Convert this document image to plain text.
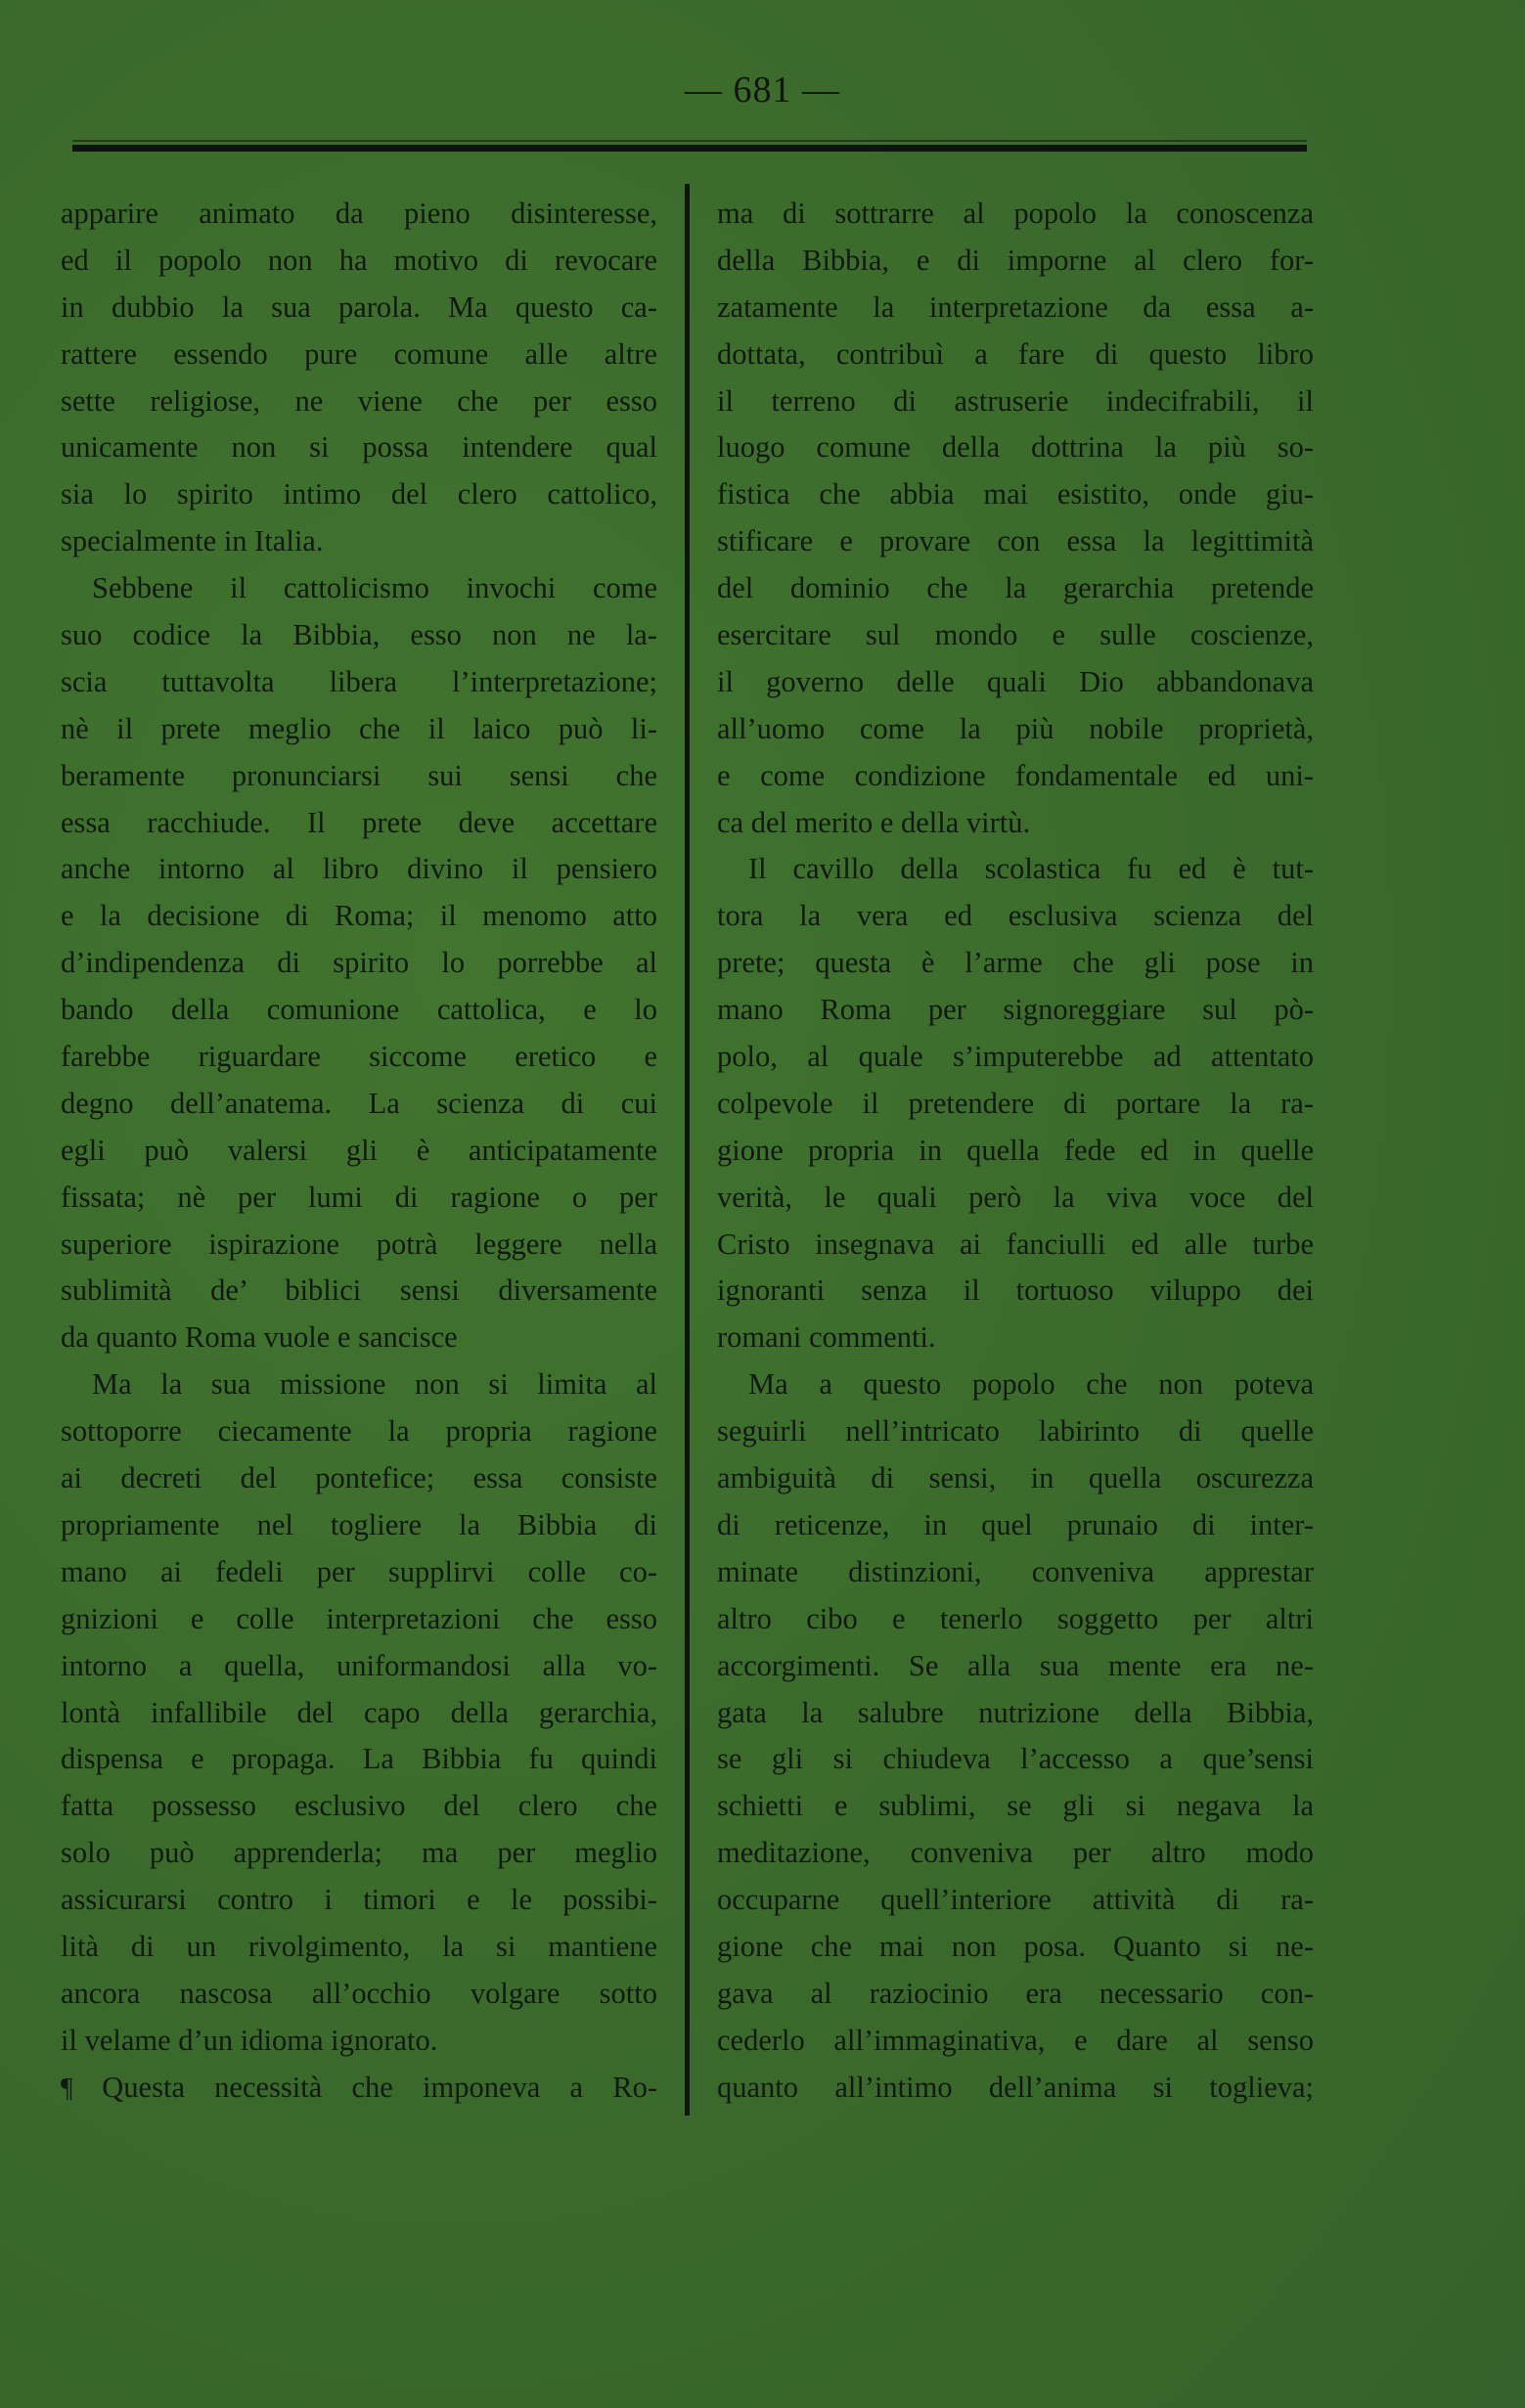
— 681 —
apparire animato da pieno disinteresse,
ed il popolo non ha motivo di revocare
in dubbio la sua parola. Ma questo ca-
rattere essendo pure comune alle altre
sette religiose, ne viene che per esso
unicamente non si possa intendere qual
sia lo spirito intimo del clero cattolico,
specialmente in Italia.
Sebbene il cattolicismo invochi come
suo codice la Bibbia, esso non ne la-
scia tuttavolta libera l’interpretazione;
nè il prete meglio che il laico può li-
beramente pronunciarsi sui sensi che
essa racchiude. Il prete deve accettare
anche intorno al libro divino il pensiero
e la decisione di Roma; il menomo atto
d’indipendenza di spirito lo porrebbe al
bando della comunione cattolica, e lo
farebbe riguardare siccome eretico e
degno dell’anatema. La scienza di cui
egli può valersi gli è anticipatamente
fissata; nè per lumi di ragione o per
superiore ispirazione potrà leggere nella
sublimità de’ biblici sensi diversamente
da quanto Roma vuole e sancisce
Ma la sua missione non si limita al
sottoporre ciecamente la propria ragione
ai decreti del pontefice; essa consiste
propriamente nel togliere la Bibbia di
mano ai fedeli per supplirvi colle co-
gnizioni e colle interpretazioni che esso
intorno a quella, uniformandosi alla vo-
lontà infallibile del capo della gerarchia,
dispensa e propaga. La Bibbia fu quindi
fatta possesso esclusivo del clero che
solo può apprenderla; ma per meglio
assicurarsi contro i timori e le possibi-
lità di un rivolgimento, la si mantiene
ancora nascosa all’occhio volgare sotto
il velame d’un idioma ignorato.
¶ Questa necessità che imponeva a Ro-
ma di sottrarre al popolo la conoscenza
della Bibbia, e di imporne al clero for-
zatamente la interpretazione da essa a-
dottata, contribuì a fare di questo libro
il terreno di astruserie indecifrabili, il
luogo comune della dottrina la più so-
fistica che abbia mai esistito, onde giu-
stificare e provare con essa la legittimità
del dominio che la gerarchia pretende
esercitare sul mondo e sulle coscienze,
il governo delle quali Dio abbandonava
all’uomo come la più nobile proprietà,
e come condizione fondamentale ed uni-
ca del merito e della virtù.
Il cavillo della scolastica fu ed è tut-
tora la vera ed esclusiva scienza del
prete; questa è l’arme che gli pose in
mano Roma per signoreggiare sul pò-
polo, al quale s’imputerebbe ad attentato
colpevole il pretendere di portare la ra-
gione propria in quella fede ed in quelle
verità, le quali però la viva voce del
Cristo insegnava ai fanciulli ed alle turbe
ignoranti senza il tortuoso viluppo dei
romani commenti.
Ma a questo popolo che non poteva
seguirli nell’intricato labirinto di quelle
ambiguità di sensi, in quella oscurezza
di reticenze, in quel prunaio di inter-
minate distinzioni, conveniva apprestar
altro cibo e tenerlo soggetto per altri
accorgimenti. Se alla sua mente era ne-
gata la salubre nutrizione della Bibbia,
se gli si chiudeva l’accesso a que’sensi
schietti e sublimi, se gli si negava la
meditazione, conveniva per altro modo
occuparne quell’interiore attività di ra-
gione che mai non posa. Quanto si ne-
gava al raziocinio era necessario con-
cederlo all’immaginativa, e dare al senso
quanto all’intimo dell’anima si toglieva;
